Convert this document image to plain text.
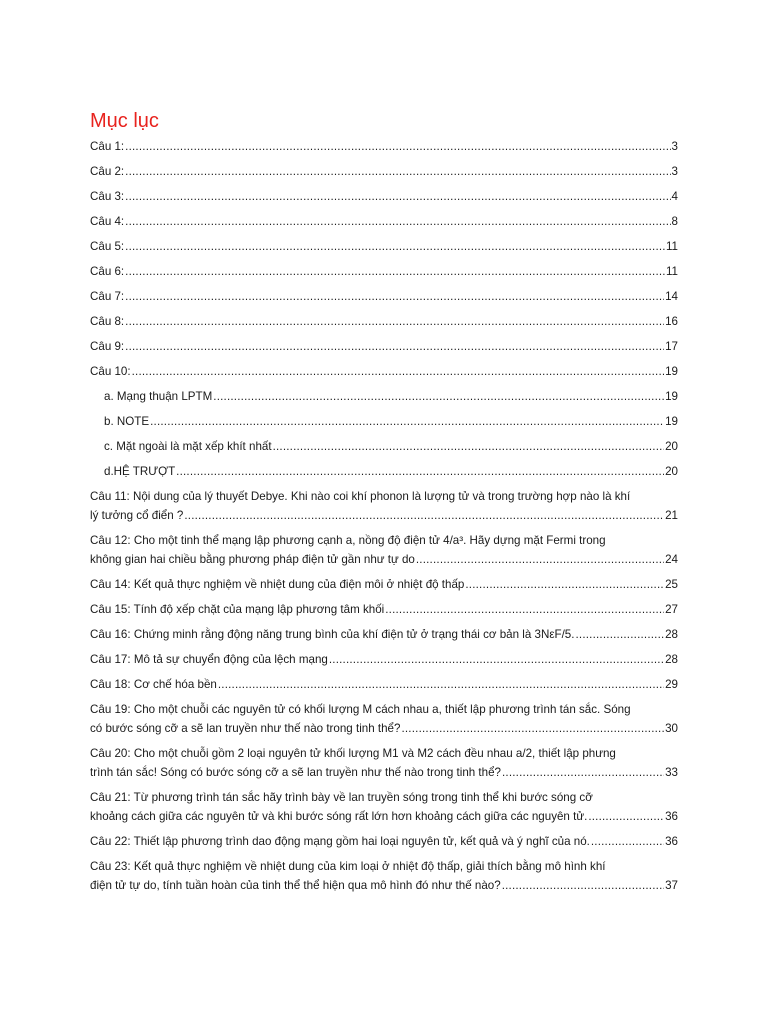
Mục lục
Câu 1: .....	3
Câu 2: .....	3
Câu 3: .....	4
Câu 4: .....	8
Câu 5: .....	11
Câu 6: .....	11
Câu 7: .....	14
Câu 8: .....	16
Câu 9: .....	17
Câu 10: .....	19
a. Mạng thuận LPTM .....	19
b. NOTE .....	19
c. Mặt ngoài là mặt xếp khít nhất .....	20
d.HỆ TRƯỢT .....	20
Câu 11: Nội dung của lý thuyết Debye. Khi nào coi khí phonon là lượng tử và trong trường hợp nào là khí
lý tưởng cổ điển ? .....	21
Câu 12: Cho một tinh thể mạng lập phương cạnh a, nồng độ điện tử 4/a³. Hãy dựng mặt Fermi trong
không gian hai chiều bằng phương pháp điện tử gần như tự do .....	24
Câu 14: Kết quả thực nghiệm về nhiệt dung của điện môi ở nhiệt độ thấp .....	25
Câu 15: Tính độ xếp chặt của mạng lập phương tâm khối .....	27
Câu 16: Chứng minh rằng động năng trung bình của khí điện tử ở trạng thái cơ bản là 3NεF/5. .....	28
Câu 17: Mô tả sự chuyển động của lệch mạng .....	28
Câu 18: Cơ chế hóa bền .....	29
Câu 19: Cho một chuỗi các nguyên tử có khối lượng M cách nhau a, thiết lập phương trình tán sắc. Sóng
có bước sóng cỡ a sẽ lan truyền như thế nào trong tinh thể? .....	30
Câu 20: Cho một chuỗi gồm 2 loại nguyên tử khối lượng M1 và M2 cách đều nhau a/2, thiết lập phưng
trình tán sắc! Sóng có bước sóng cỡ a sẽ lan truyền như thế nào trong tinh thể? .....	33
Câu 21: Từ phương trình tán sắc hãy trình bày về lan truyền sóng trong tinh thể khi bước sóng cỡ
khoảng cách giữa các nguyên tử và khi bước sóng rất lớn hơn khoảng cách giữa các nguyên tử. .....	36
Câu 22: Thiết lập phương trình dao động mạng gồm hai loại nguyên tử, kết quả và ý nghĩ của nó. .....	36
Câu 23: Kết quả thực nghiệm về nhiệt dung của kim loại ở nhiệt độ thấp, giải thích bằng mô hình khí
điện tử tự do, tính tuần hoàn của tinh thể thể hiện qua mô hình đó như thế nào? .....	37
